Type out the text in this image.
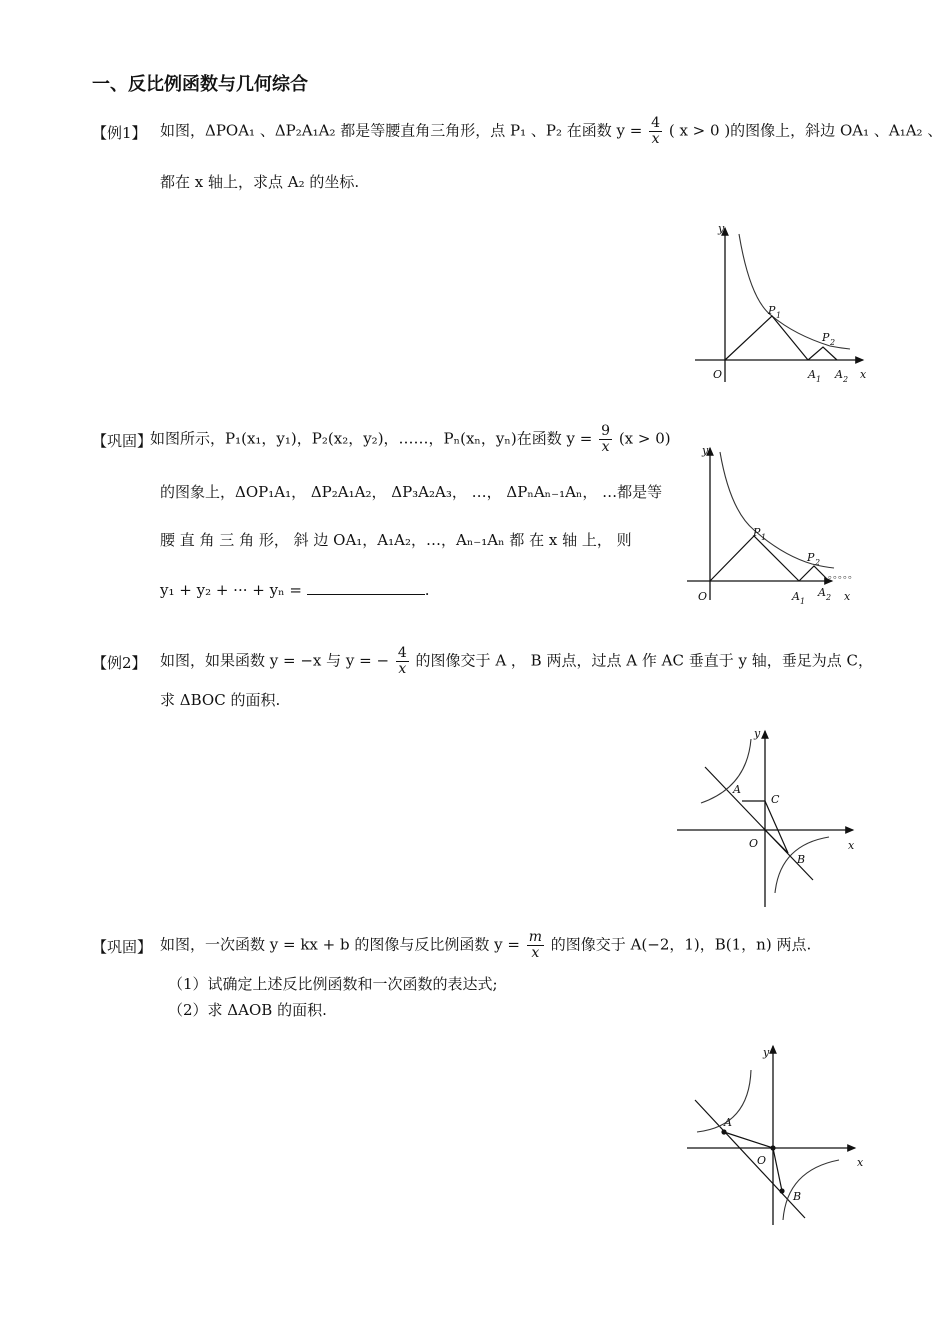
一、反比例函数与几何综合
【例1】 如图，ΔPOA₁ 、ΔP₂A₁A₂ 都是等腰直角三角形，点 P₁ 、P₂ 在函数 $y = \frac{4}{x}$ ( x > 0 )的图像上，斜边 OA₁ 、A₁A₂ 、
都在 x 轴上，求点 A₂ 的坐标.
y
x
O
P 1
P 2
A 1 A 2
【巩固】
如图所示，P₁(x₁，y₁)，P₂(x₂，y₂)，……，Pₙ(xₙ，yₙ)在函数 $y = \frac{9}{x} (x > 0)$
的图象上，ΔOP₁A₁， ΔP₂A₁A₂， ΔP₃A₂A₃， …， ΔPₙAₙ₋₁Aₙ， …都是等
腰 直 角 三 角 形， 斜 边 OA₁，A₁A₂，…，Aₙ₋₁Aₙ 都 在 x 轴 上， 则
y₁ + y₂ + ··· + yₙ =	.
。。。。。
y
x
O
P 1
P 2
A 1
A 2
【例2】 如图，如果函数 y = −x 与 y = − $\frac{4}{x}$ 的图像交于 A ， B 两点，过点 A 作 AC 垂直于 y 轴，垂足为点 C，
求 ΔBOC 的面积.
y
x
O
A
B
C
【巩固】 如图，一次函数 y = kx + b 的图像与反比例函数 $y = \frac{m}{x}$ 的图像交于 A(−2，1)，B(1，n) 两点.
（1）试确定上述反比例函数和一次函数的表达式;
（2）求 ΔAOB 的面积.
y
x
O
A
B
